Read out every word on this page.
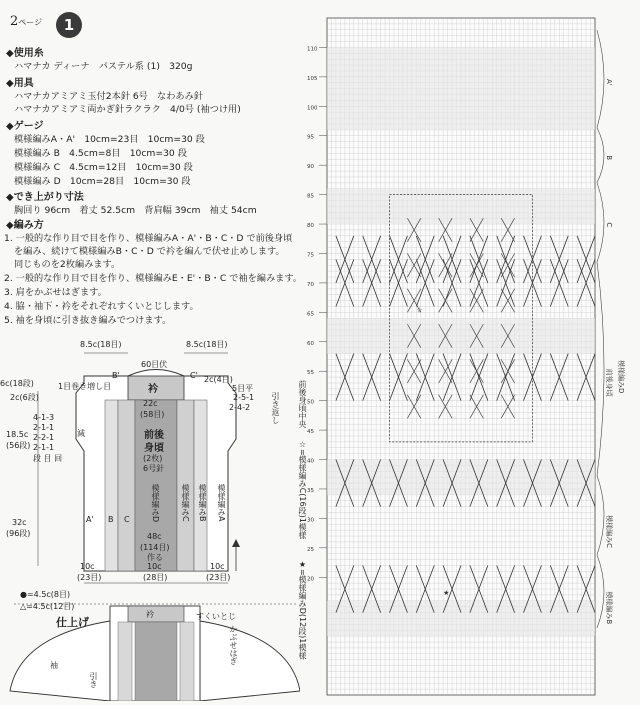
2ページ	1
◆使用糸
ハマナカ ディーナ　パステル系 (1)　320g
◆用具
ハマナカアミアミ玉付2本針 6号　なわあみ針
ハマナカアミアミ両かぎ針ラクラク　4/0号 (袖つけ用)
◆ゲージ
模様編みA・A'　10cm=23目　10cm=30 段
模様編み B　4.5cm=8目　10cm=30 段
模様編み C　4.5cm=12目　10cm=30 段
模様編み D　10cm=28目　10cm=30 段
◆でき上がり寸法
胸回り 96cm　着丈 52.5cm　背肩幅 39cm　袖丈 54cm
◆編み方
1. 一般的な作り目で目を作り、模様編みA・A'・B・C・D で前後身頃
を編み、続けて模様編みB・C・D で衿を編んで伏せ止めします。
同じものを2枚編みます。
2. 一般的な作り目で目を作り、模様編みE・E'・B・C で袖を編みます。
3. 肩をかぶせはぎます。
4. 脇・袖下・衿をそれぞれすくいとじします。
5. 袖を身頃に引き抜き編みでつけます。
8.5c(18目)	8.5c(18目)
60目伏
衿
22c
(58目)
前後
身頃
(2枚)
6号針
B'	C' 2c(4目)
5目平
2-5-1
2-4-2	引き返し
6c(18段)
2c(6段)
1目巻き増し目
4-1-3
2-1-1
2-2-1
2-1-1
段 目 回
減
18.5c
(56段)
32c
(96段)
A' B C	模様編みD	模様編みC 模様編みB 模様編みA
48c
(114目)
作る
10c
(23目)
10c
(28目)
10c
(23目)
●=4.5c(8目)
△=4.5c(12目)
仕上げ
衿	すくいとじ
袖
かぶせはぎ
引き
110
105
100
95
90
85
80
75
70
65
60
55
50
45
40
35
30
25
20
A'
B
C
前後身頃
模様編みC
模様編みB
模様編みD
☆
★
前後身頃中央
☆=模様編みC(16段)1模様
★=模様編みD(12段)1模様
